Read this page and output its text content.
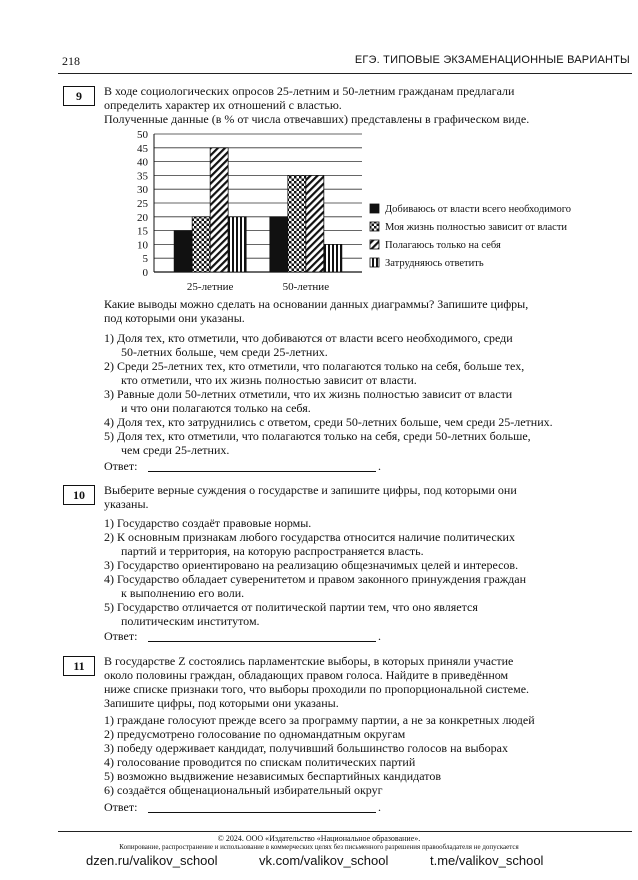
218	ЕГЭ. ТИПОВЫЕ ЭКЗАМЕНАЦИОННЫЕ ВАРИАНТЫ
9	В ходе социологических опросов 25-летним и 50-летним гражданам предлагали
определить характер их отношений с властью.
Полученные данные (в % от числа отвечавших) представлены в графическом виде.
0
5
10
15
20
25
30
35
40
45
50
25-летние	50-летние
Добиваюсь от власти всего необходимого
Моя жизнь полностью зависит от власти
Полагаюсь только на себя
Затрудняюсь ответить
Какие выводы можно сделать на основании данных диаграммы? Запишите цифры,
под которыми они указаны.
1) Доля тех, кто отметили, что добиваются от власти всего необходимого, среди
50-летних больше, чем среди 25-летних.
2) Среди 25-летних тех, кто отметили, что полагаются только на себя, больше тех,
кто отметили, что их жизнь полностью зависит от власти.
3) Равные доли 50-летних отметили, что их жизнь полностью зависит от власти
и что они полагаются только на себя.
4) Доля тех, кто затруднились с ответом, среди 50-летних больше, чем среди 25-летних.
5) Доля тех, кто отметили, что полагаются только на себя, среди 50-летних больше,
чем среди 25-летних.
Ответ:	.
10	Выберите верные суждения о государстве и запишите цифры, под которыми они
указаны.
1) Государство создаёт правовые нормы.
2) К основным признакам любого государства относится наличие политических
партий и территория, на которую распространяется власть.
3) Государство ориентировано на реализацию общезначимых целей и интересов.
4) Государство обладает суверенитетом и правом законного принуждения граждан
к выполнению его воли.
5) Государство отличается от политической партии тем, что оно является
политическим институтом.
Ответ:	.
11	В государстве Z состоялись парламентские выборы, в которых приняли участие
около половины граждан, обладающих правом голоса. Найдите в приведённом
ниже списке признаки того, что выборы проходили по пропорциональной системе.
Запишите цифры, под которыми они указаны.
1) граждане голосуют прежде всего за программу партии, а не за конкретных людей
2) предусмотрено голосование по одномандатным округам
3) победу одерживает кандидат, получивший большинство голосов на выборах
4) голосование проводится по спискам политических партий
5) возможно выдвижение независимых беспартийных кандидатов
6) создаётся общенациональный избирательный округ
Ответ:	.
© 2024. ООО «Издательство «Национальное образование».
Копирование, распространение и использование в коммерческих целях без письменного разрешения правообладателя не допускается
dzen.ru/valikov_school	vk.com/valikov_school	t.me/valikov_school
